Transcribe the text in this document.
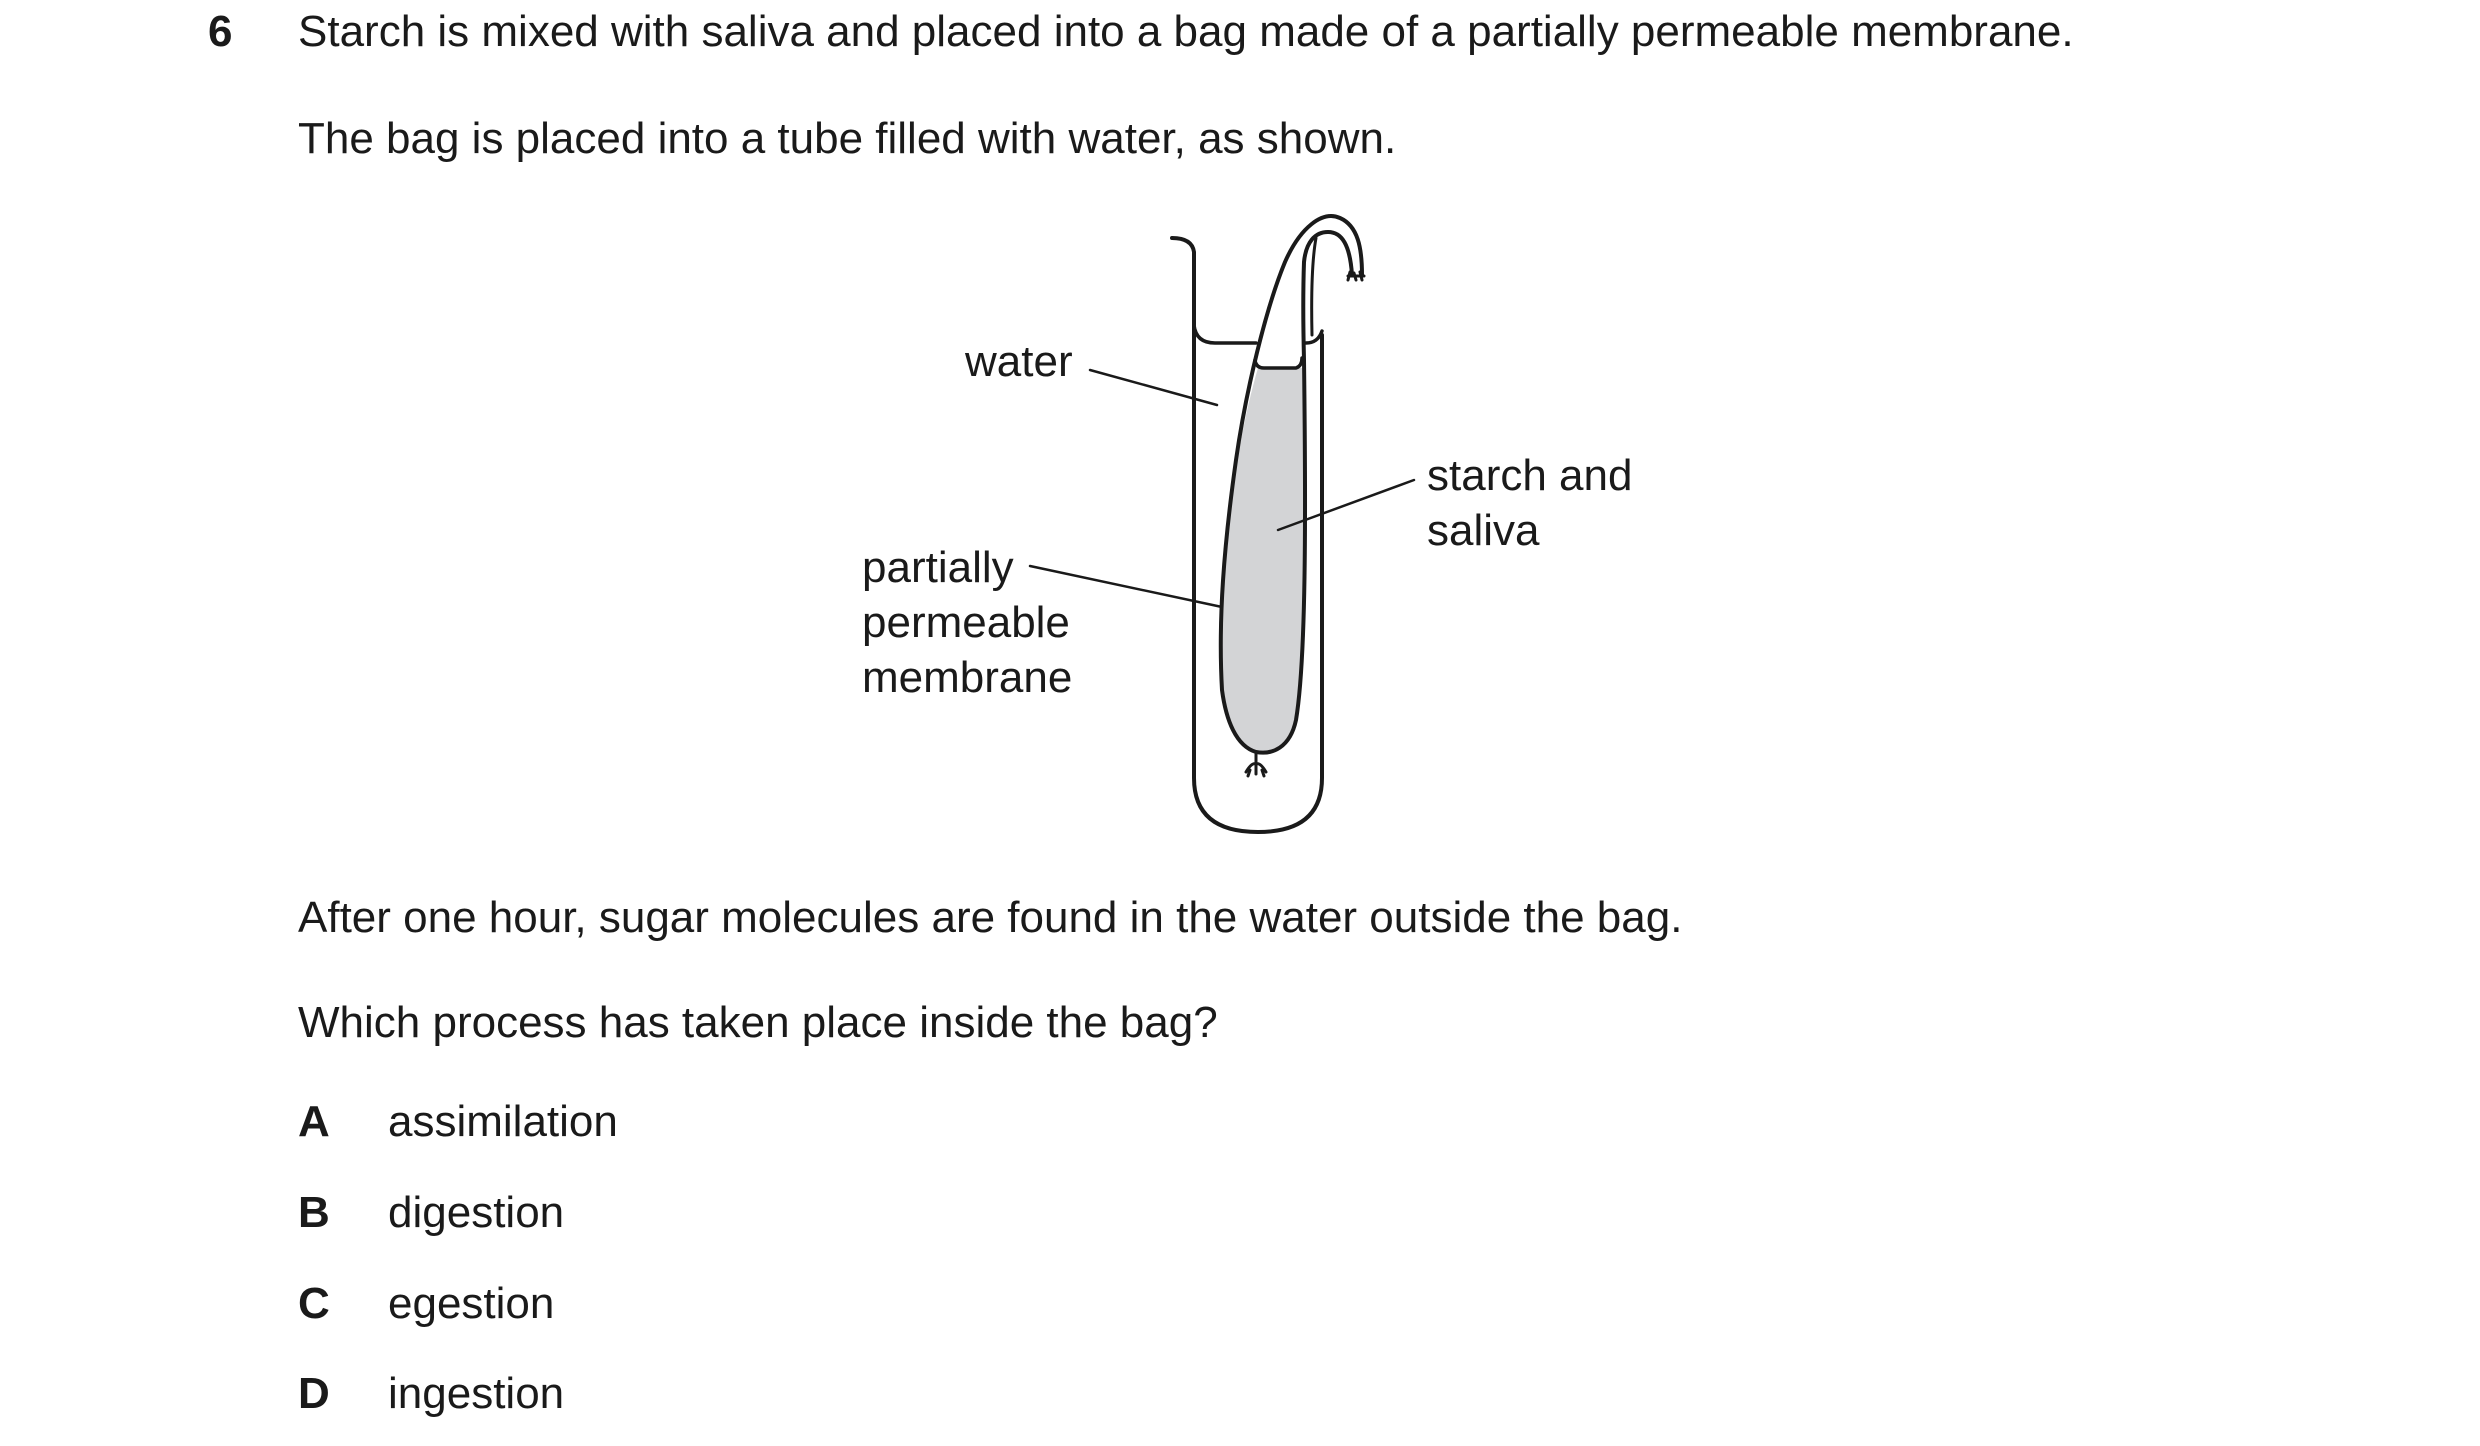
6 Starch is mixed with saliva and placed into a bag made of a partially permeable membrane.
The bag is placed into a tube filled with water, as shown.
water
starch and
saliva
partially
permeable
membrane
After one hour, sugar molecules are found in the water outside the bag.
Which process has taken place inside the bag?
A assimilation
B digestion
C egestion
D ingestion
